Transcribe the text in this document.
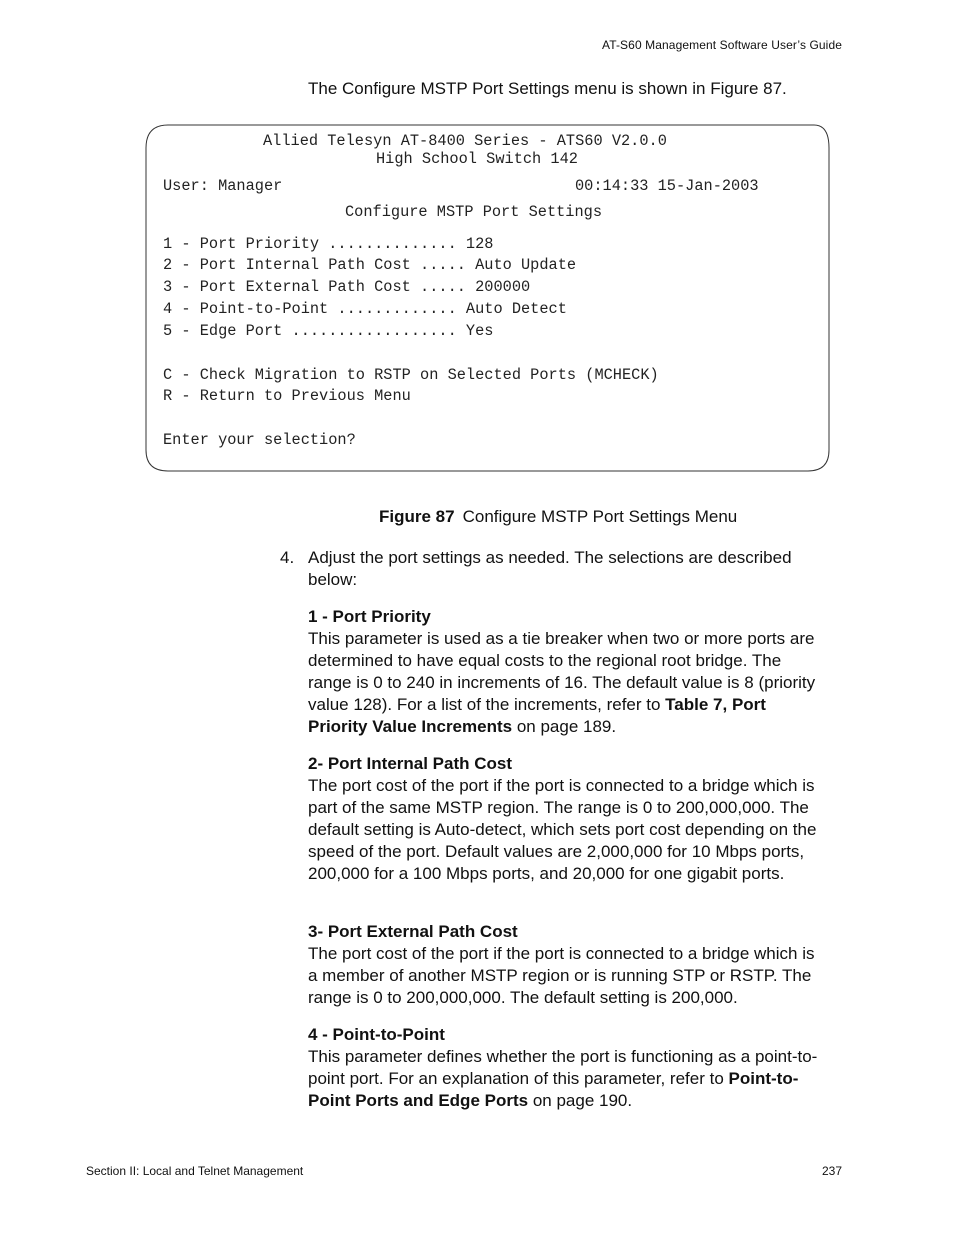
AT-S60 Management Software User’s Guide
The Configure MSTP Port Settings menu is shown in Figure 87.
Allied Telesyn AT-8400 Series - ATS60 V2.0.0
High School Switch 142
User: Manager	00:14:33 15-Jan-2003
Configure MSTP Port Settings
1 - Port Priority .............. 128
2 - Port Internal Path Cost ..... Auto Update
3 - Port External Path Cost ..... 200000
4 - Point-to-Point ............. Auto Detect
5 - Edge Port .................. Yes
C - Check Migration to RSTP on Selected Ports (MCHECK)
R - Return to Previous Menu
Enter your selection?
Figure 87 Configure MSTP Port Settings Menu
4. Adjust the port settings as needed. The selections are described below:
1 - Port Priority

This parameter is used as a tie breaker when two or more ports are determined to have equal costs to the regional root bridge. The range is 0 to 240 in increments of 16. The default value is 8 (priority value 128). For a list of the increments, refer to Table 7, Port Priority Value Increments on page 189.

2- Port Internal Path Cost

The port cost of the port if the port is connected to a bridge which is part of the same MSTP region. The range is 0 to 200,000,000. The default setting is Auto-detect, which sets port cost depending on the speed of the port. Default values are 2,000,000 for 10 Mbps ports, 200,000 for a 100 Mbps ports, and 20,000 for one gigabit ports.

3- Port External Path Cost

The port cost of the port if the port is connected to a bridge which is a member of another MSTP region or is running STP or RSTP. The range is 0 to 200,000,000. The default setting is 200,000.

4 - Point-to-Point

This parameter defines whether the port is functioning as a point-to-point port. For an explanation of this parameter, refer to Point-to-Point Ports and Edge Ports on page 190.

Section II: Local and Telnet Management	237
